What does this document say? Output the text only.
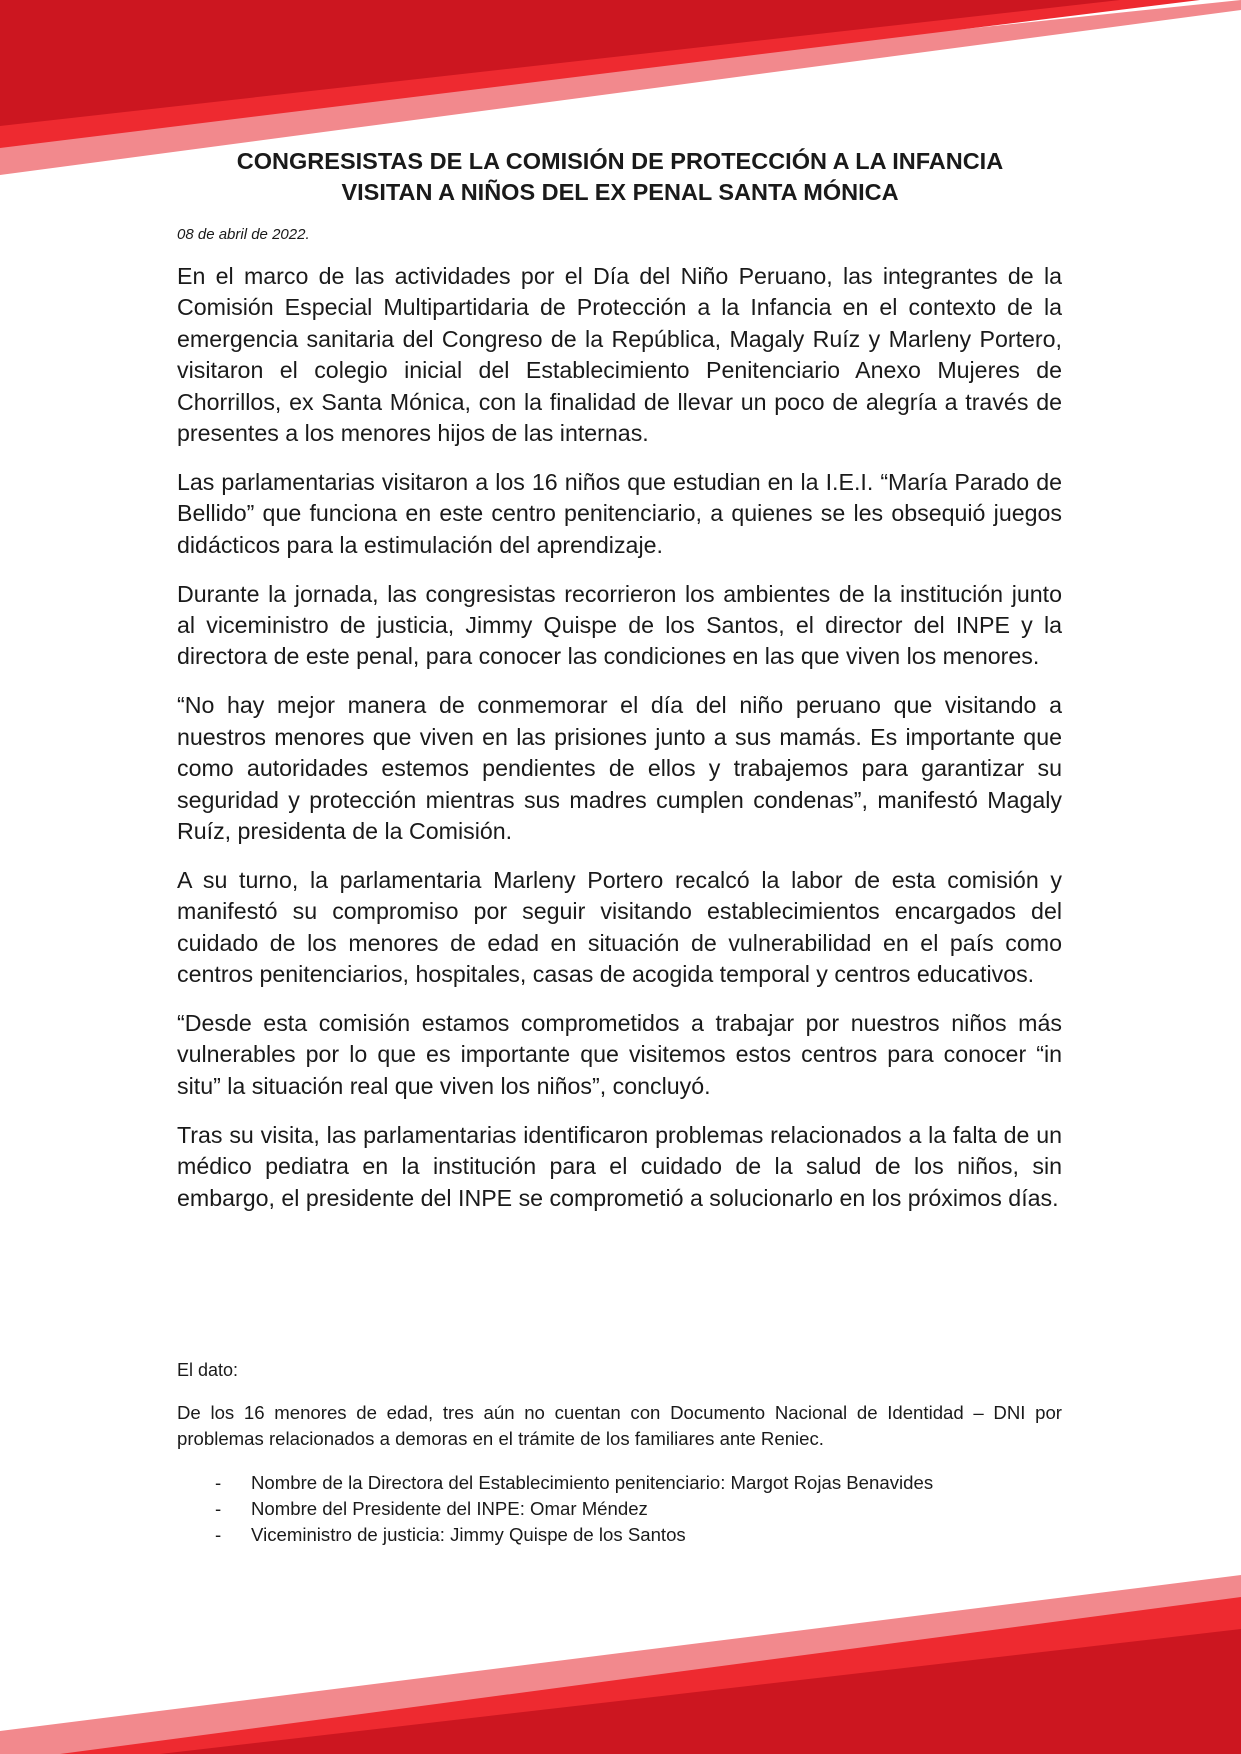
CONGRESISTAS DE LA COMISIÓN DE PROTECCIÓN A LA INFANCIA
VISITAN A NIÑOS DEL EX PENAL SANTA MÓNICA

08 de abril de 2022.

En el marco de las actividades por el Día del Niño Peruano, las integrantes de la Comisión Especial Multipartidaria de Protección a la Infancia en el contexto de la emergencia sanitaria del Congreso de la República, Magaly Ruíz y Marleny Portero, visitaron el colegio inicial del Establecimiento Penitenciario Anexo Mujeres de Chorrillos, ex Santa Mónica, con la finalidad de llevar un poco de alegría a través de presentes a los menores hijos de las internas.

Las parlamentarias visitaron a los 16 niños que estudian en la I.E.I. “María Parado de Bellido” que funciona en este centro penitenciario, a quienes se les obsequió juegos didácticos para la estimulación del aprendizaje.

Durante la jornada, las congresistas recorrieron los ambientes de la institución junto al viceministro de justicia, Jimmy Quispe de los Santos, el director del INPE y la directora de este penal, para conocer las condiciones en las que viven los menores.

“No hay mejor manera de conmemorar el día del niño peruano que visitando a nuestros menores que viven en las prisiones junto a sus mamás. Es importante que como autoridades estemos pendientes de ellos y trabajemos para garantizar su seguridad y protección mientras sus madres cumplen condenas”, manifestó Magaly Ruíz, presidenta de la Comisión.

A su turno, la parlamentaria Marleny Portero recalcó la labor de esta comisión y manifestó su compromiso por seguir visitando establecimientos encargados del cuidado de los menores de edad en situación de vulnerabilidad en el país como centros penitenciarios, hospitales, casas de acogida temporal y centros educativos.

“Desde esta comisión estamos comprometidos a trabajar por nuestros niños más vulnerables por lo que es importante que visitemos estos centros para conocer “in situ” la situación real que viven los niños”, concluyó.

Tras su visita, las parlamentarias identificaron problemas relacionados a la falta de un médico pediatra en la institución para el cuidado de la salud de los niños, sin embargo, el presidente del INPE se comprometió a solucionarlo en los próximos días.

El dato:

De los 16 menores de edad, tres aún no cuentan con Documento Nacional de Identidad – DNI por problemas relacionados a demoras en el trámite de los familiares ante Reniec.

- Nombre de la Directora del Establecimiento penitenciario: Margot Rojas Benavides
- Nombre del Presidente del INPE: Omar Méndez
- Viceministro de justicia: Jimmy Quispe de los Santos
